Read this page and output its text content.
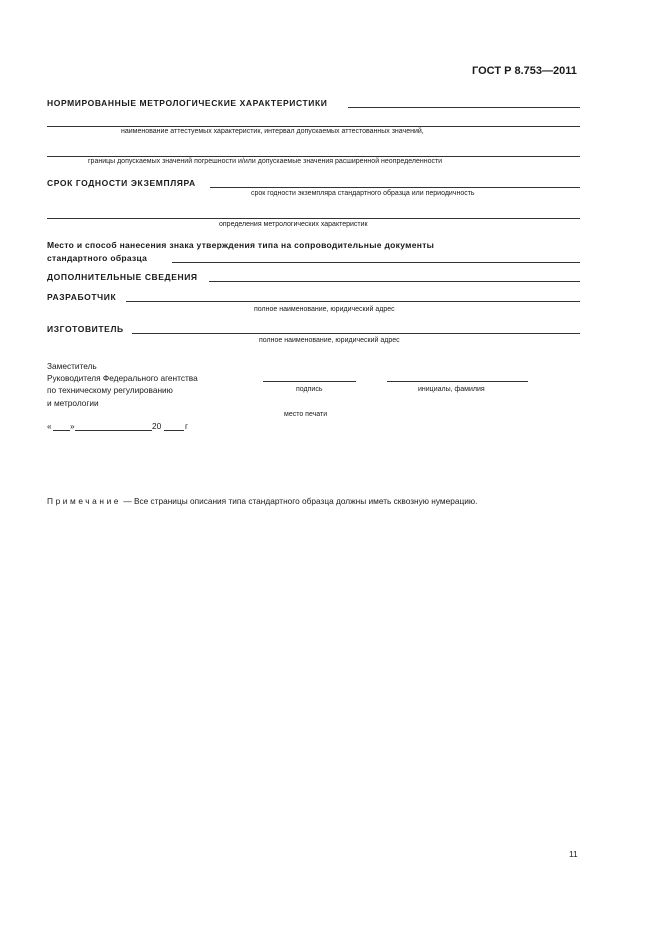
ГОСТ Р 8.753—2011
НОРМИРОВАННЫЕ МЕТРОЛОГИЧЕСКИЕ ХАРАКТЕРИСТИКИ
наименование аттестуемых характеристик, интервал допускаемых аттестованных значений,
границы допускаемых значений погрешности и/или допускаемые значения расширенной неопределенности
СРОК ГОДНОСТИ ЭКЗЕМПЛЯРА
срок годности экземпляра стандартного образца или периодичность
определения метрологических характеристик
Место и способ нанесения знака утверждения типа на сопроводительные документы
стандартного образца
ДОПОЛНИТЕЛЬНЫЕ СВЕДЕНИЯ
РАЗРАБОТЧИК
полное наименование, юридический адрес
ИЗГОТОВИТЕЛЬ
полное наименование, юридический адрес
Заместитель
Руководителя Федерального агентства
по техническому регулированию
и метрологии
подпись	инициалы, фамилия
место печати
« »	20	г
Примечание — Все страницы описания типа стандартного образца должны иметь сквозную нумерацию.
11
